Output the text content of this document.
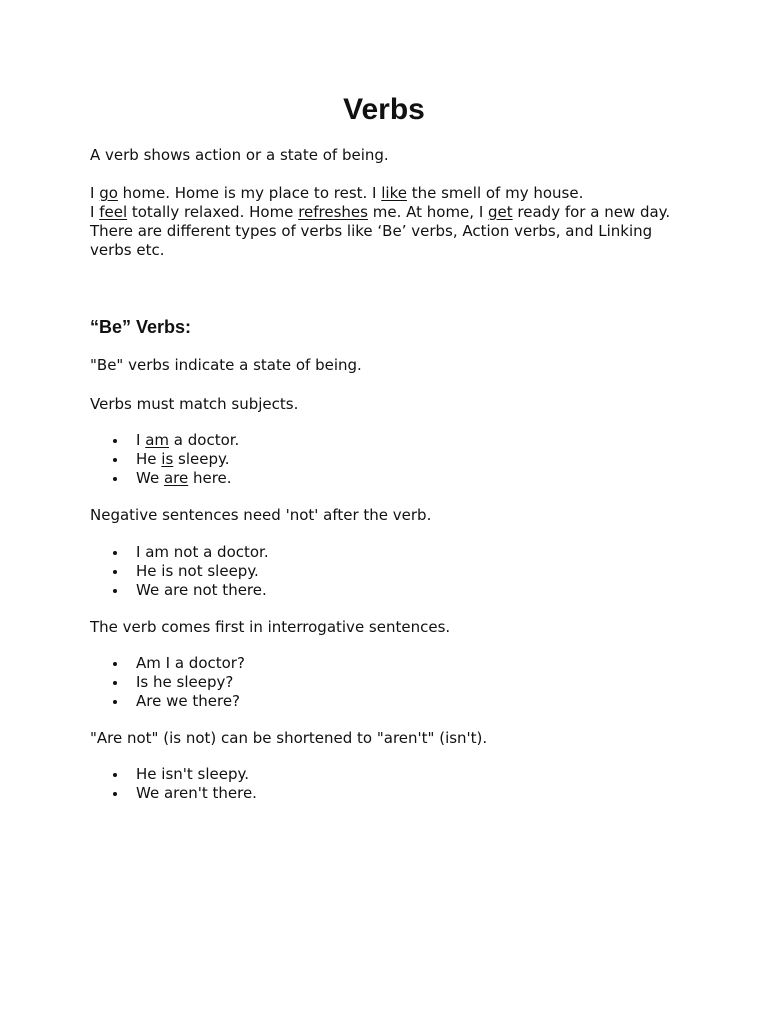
Verbs

A verb shows action or a state of being.

I go home. Home is my place to rest. I like the smell of my house.
I feel totally relaxed. Home refreshes me. At home, I get ready for a new day.
There are different types of verbs like ‘Be’ verbs, Action verbs, and Linking verbs etc.

“Be” Verbs:

"Be" verbs indicate a state of being.

Verbs must match subjects.

I am a doctor.
He is sleepy.
We are here.

Negative sentences need 'not' after the verb.

I am not a doctor.
He is not sleepy.
We are not there.

The verb comes first in interrogative sentences.

Am I a doctor?
Is he sleepy?
Are we there?

"Are not" (is not) can be shortened to "aren't" (isn't).

He isn't sleepy.
We aren't there.
